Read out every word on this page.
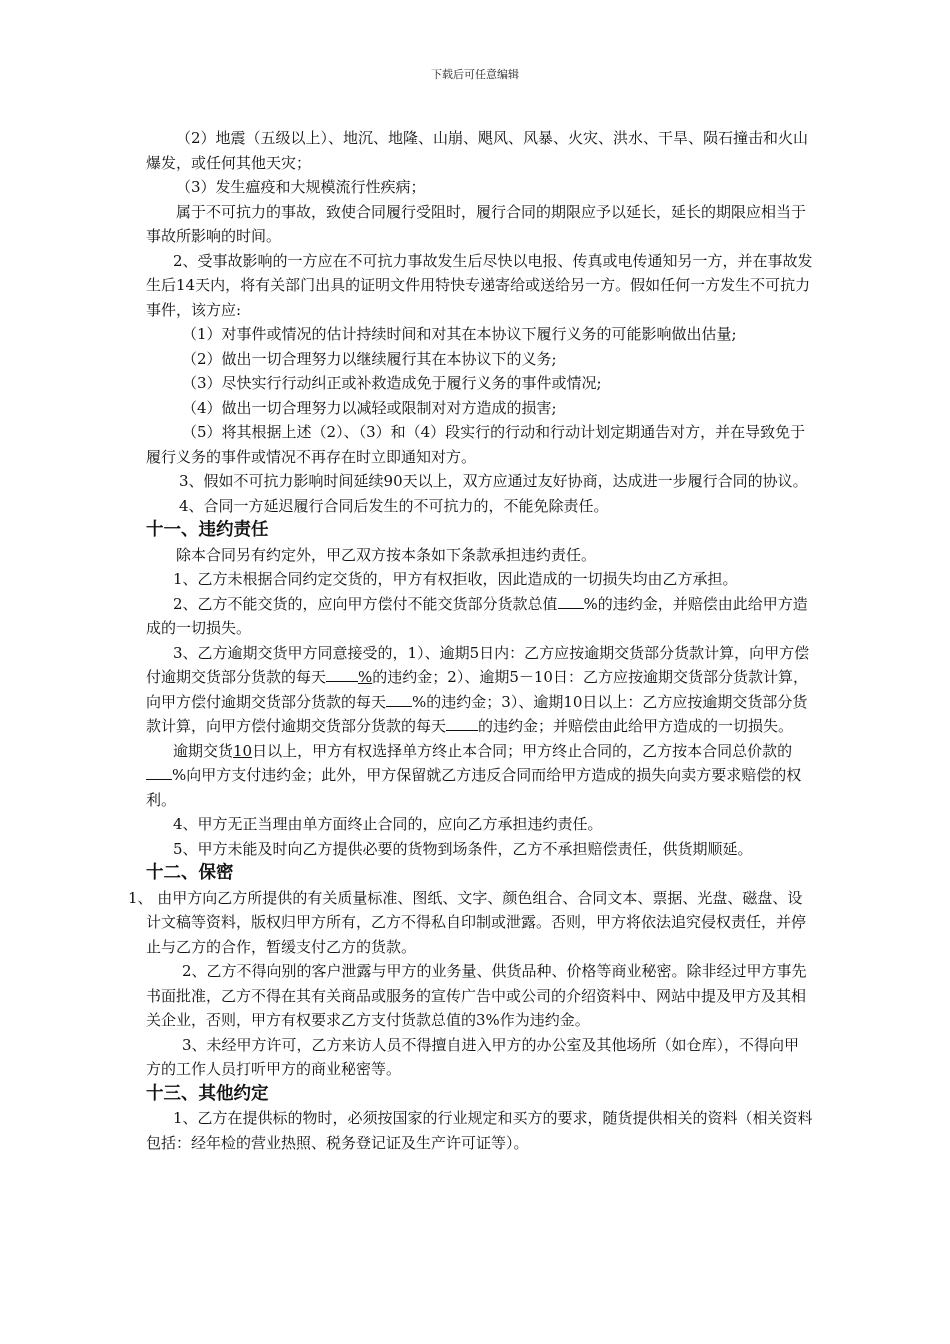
下载后可任意编辑

（2）地震（五级以上）、地沉、地隆、山崩、飓风、风暴、火灾、洪水、干旱、陨石撞击和火山爆发，或任何其他天灾；

（3）发生瘟疫和大规模流行性疾病；

属于不可抗力的事故，致使合同履行受阻时，履行合同的期限应予以延长，延长的期限应相当于事故所影响的时间。

2、受事故影响的一方应在不可抗力事故发生后尽快以电报、传真或电传通知另一方，并在事故发生后14天内，将有关部门出具的证明文件用特快专递寄给或送给另一方。假如任何一方发生不可抗力事件，该方应:

（1）对事件或情况的估计持续时间和对其在本协议下履行义务的可能影响做出估量;

（2）做出一切合理努力以继续履行其在本协议下的义务;

（3）尽快实行行动纠正或补救造成免于履行义务的事件或情况;

（4）做出一切合理努力以减轻或限制对对方造成的损害;

（5）将其根据上述（2）、（3）和（4）段实行的行动和行动计划定期通告对方，并在导致免于履行义务的事件或情况不再存在时立即通知对方。

3、假如不可抗力影响时间延续90天以上，双方应通过友好协商，达成进一步履行合同的协议。

4、合同一方延迟履行合同后发生的不可抗力的，不能免除责任。

十一、违约责任

除本合同另有约定外，甲乙双方按本条如下条款承担违约责任。

1、乙方未根据合同约定交货的，甲方有权拒收，因此造成的一切损失均由乙方承担。

2、乙方不能交货的，应向甲方偿付不能交货部分货款总值 %的违约金，并赔偿由此给甲方造成的一切损失。

3、乙方逾期交货甲方同意接受的，1）、逾期5日内：乙方应按逾期交货部分货款计算，向甲方偿付逾期交货部分货款的每天 %的违约金；2）、逾期5－10日：乙方应按逾期交货部分货款计算，向甲方偿付逾期交货部分货款的每天 %的违约金；3）、逾期10日以上：乙方应按逾期交货部分货款计算，向甲方偿付逾期交货部分货款的每天 的违约金；并赔偿由此给甲方造成的一切损失。

逾期交货10日以上，甲方有权选择单方终止本合同；甲方终止合同的，乙方按本合同总价款的%向甲方支付违约金；此外，甲方保留就乙方违反合同而给甲方造成的损失向卖方要求赔偿的权利。

4、甲方无正当理由单方面终止合同的，应向乙方承担违约责任。

5、甲方未能及时向乙方提供必要的货物到场条件，乙方不承担赔偿责任，供货期顺延。

十二、保密

1、 由甲方向乙方所提供的有关质量标准、图纸、文字、颜色组合、合同文本、票据、光盘、磁盘、设计文稿等资料，版权归甲方所有，乙方不得私自印制或泄露。否则，甲方将依法追究侵权责任，并停止与乙方的合作，暂缓支付乙方的货款。

2、乙方不得向别的客户泄露与甲方的业务量、供货品种、价格等商业秘密。除非经过甲方事先书面批准，乙方不得在其有关商品或服务的宣传广告中或公司的介绍资料中、网站中提及甲方及其相关企业，否则，甲方有权要求乙方支付货款总值的3%作为违约金。

3、未经甲方许可，乙方来访人员不得擅自进入甲方的办公室及其他场所（如仓库），不得向甲方的工作人员打听甲方的商业秘密等。

十三、其他约定

1、乙方在提供标的物时，必须按国家的行业规定和买方的要求，随货提供相关的资料（相关资料包括：经年检的营业热照、税务登记证及生产许可证等）。
